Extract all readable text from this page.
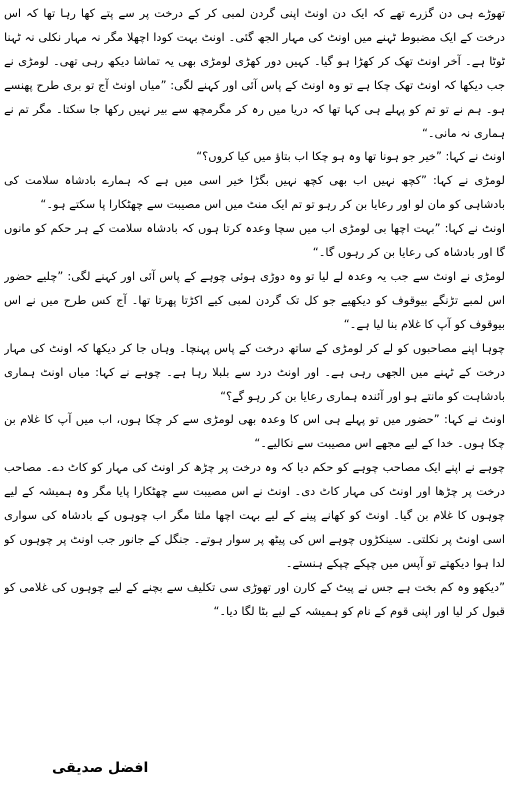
تھوڑے ہی دن گزرے تھے کہ ایک دن اونٹ اپنی گردن لمبی کر کے درخت پر سے پتے کھا رہا تھا کہ اس درخت کے ایک مضبوط ٹہنے میں اونٹ کی مہار الجھ گئی۔ اونٹ بہت کودا اچھلا مگر نہ مہار نکلی نہ ٹہنا ٹوٹا ہے۔ آخر اونٹ تھک کر کھڑا ہو گیا۔ کہیں دور کھڑی لومڑی بھی یہ تماشا دیکھ رہی تھی۔ لومڑی نے جب دیکھا کہ اونٹ تھک چکا ہے تو وہ اونٹ کے پاس آئی اور کہنے لگی: ”میاں اونٹ آج تو بری طرح پھنسے ہو۔ ہم نے تو تم کو پہلے ہی کہا تھا کہ دریا میں رہ کر مگرمچھ سے بیر نہیں رکھا جا سکتا۔ مگر تم نے ہماری نہ مانی۔“

اونٹ نے کہا: ”خیر جو ہونا تھا وہ ہو چکا اب بتاؤ میں کیا کروں؟“

لومڑی نے کہا: ”کچھ نہیں اب بھی کچھ نہیں بگڑا خیر اسی میں ہے کہ ہمارے بادشاہ سلامت کی بادشاہی کو مان لو اور رعایا بن کر رہو تو تم ایک منٹ میں اس مصیبت سے چھٹکارا پا سکتے ہو۔“

اونٹ نے کہا: ”بہت اچھا بی لومڑی اب میں سچا وعدہ کرتا ہوں کہ بادشاہ سلامت کے ہر حکم کو مانوں گا اور بادشاہ کی رعایا بن کر رہوں گا۔“

لومڑی نے اونٹ سے جب یہ وعدہ لے لیا تو وہ دوڑی ہوئی چوہے کے پاس آئی اور کہنے لگی: ”چلیے حضور اس لمبے تڑنگے بیوقوف کو دیکھیے جو کل تک گردن لمبی کیے اکڑتا پھرتا تھا۔ آج کس طرح میں نے اس بیوقوف کو آپ کا غلام بنا لیا ہے۔“

چوہا اپنے مصاحبوں کو لے کر لومڑی کے ساتھ درخت کے پاس پہنچا۔ وہاں جا کر دیکھا کہ اونٹ کی مہار درخت کے ٹہنے میں الجھی رہی ہے۔ اور اونٹ درد سے بلبلا رہا ہے۔ چوہے نے کہا: میاں اونٹ ہماری بادشاہت کو مانتے ہو اور آئندہ ہماری رعایا بن کر رہو گے؟“

اونٹ نے کہا: ”حضور میں تو پہلے ہی اس کا وعدہ بھی لومڑی سے کر چکا ہوں، اب میں آپ کا غلام بن چکا ہوں۔ خدا کے لیے مجھے اس مصیبت سے نکالیے۔“

چوہے نے اپنے ایک مصاحب چوہے کو حکم دیا کہ وہ درخت پر چڑھ کر اونٹ کی مہار کو کاٹ دے۔ مصاحب درخت پر چڑھا اور اونٹ کی مہار کاٹ دی۔ اونٹ نے اس مصیبت سے چھٹکارا پایا مگر وہ ہمیشہ کے لیے چوہوں کا غلام بن گیا۔ اونٹ کو کھانے پینے کے لیے بہت اچھا ملتا مگر اب چوہوں کے بادشاہ کی سواری اسی اونٹ پر نکلتی۔ سینکڑوں چوہے اس کی پیٹھ پر سوار ہوتے۔ جنگل کے جانور جب اونٹ پر چوہوں کو لدا ہوا دیکھتے تو آپس میں چپکے چپکے ہنستے۔

”دیکھو وہ کم بخت ہے جس نے پیٹ کے کارن اور تھوڑی سی تکلیف سے بچنے کے لیے چوہوں کی غلامی کو قبول کر لیا اور اپنی قوم کے نام کو ہمیشہ کے لیے بٹا لگا دیا۔“

افضل صدیقی
